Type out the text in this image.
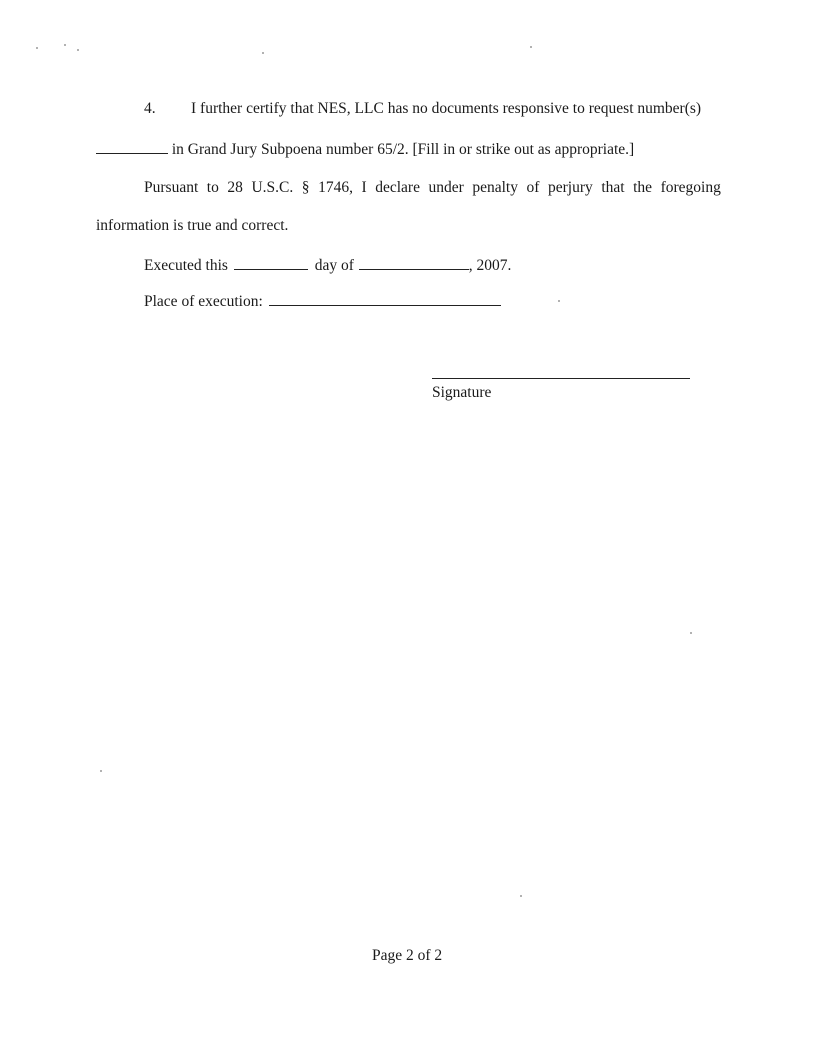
4. I further certify that NES, LLC has no documents responsive to request number(s)
in Grand Jury Subpoena number 65/2. [Fill in or strike out as appropriate.]
Pursuant to 28 U.S.C. § 1746, I declare under penalty of perjury that the foregoing
information is true and correct.
Executed this	day of	, 2007.
Place of execution:
Signature
Page 2 of 2
